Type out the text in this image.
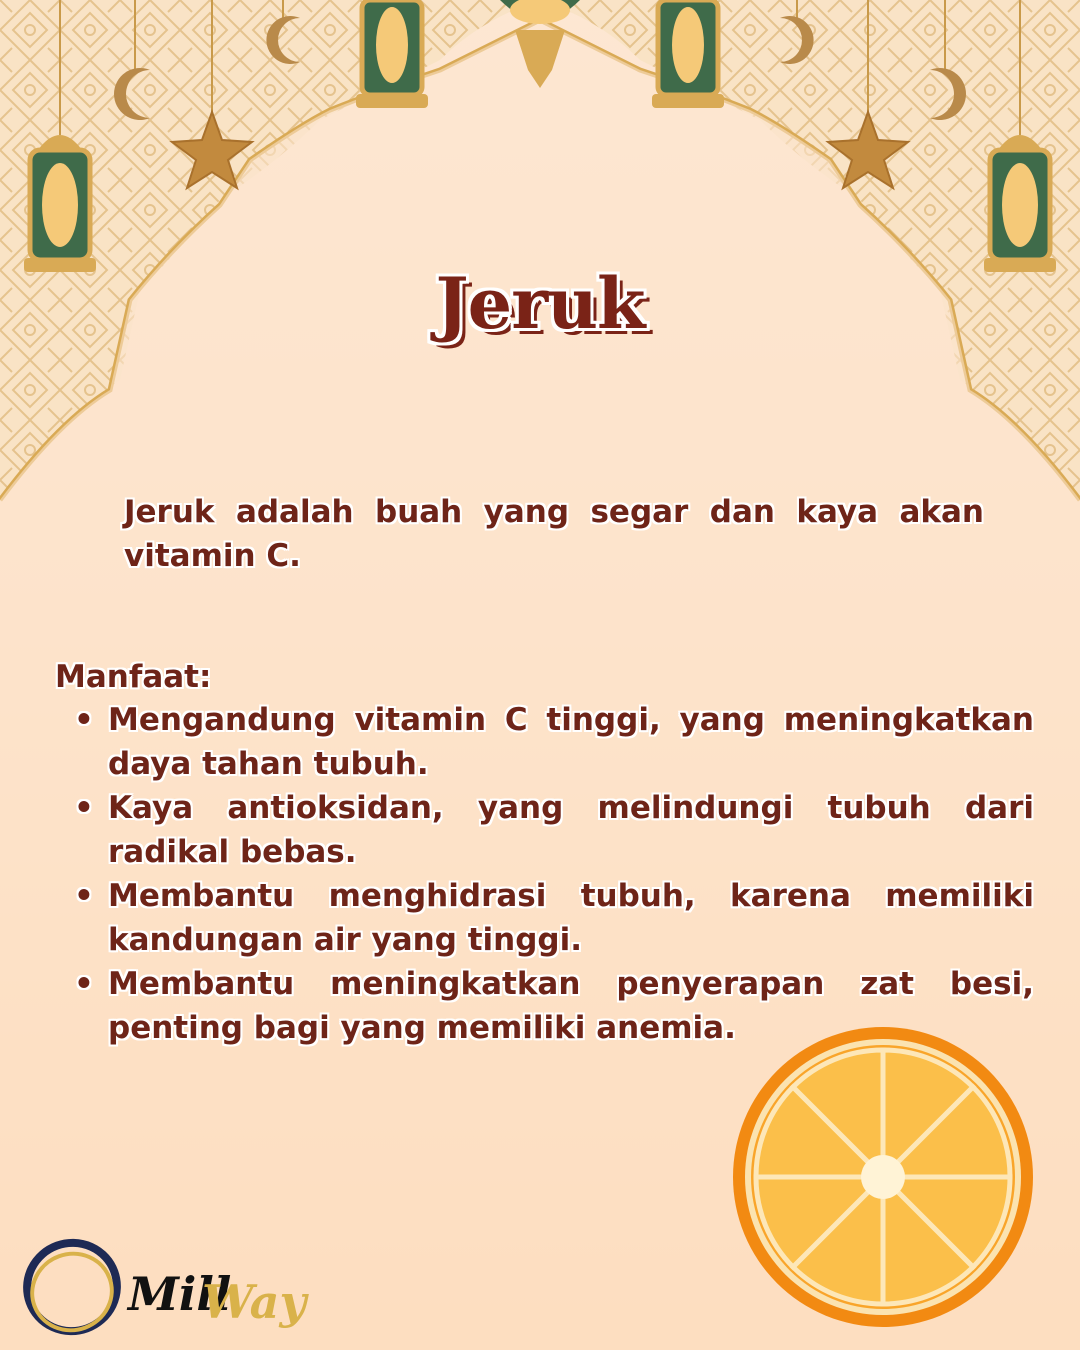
Jeruk
Jeruk adalah buah yang segar dan kaya akan vitamin C.
Manfaat:
• Mengandung vitamin C tinggi, yang meningkatkan daya tahan tubuh.
• Kaya antioksidan, yang melindungi tubuh dari radikal bebas.
• Membantu menghidrasi tubuh, karena memiliki kandungan air yang tinggi.
• Membantu meningkatkan penyerapan zat besi, penting bagi yang memiliki anemia.
Mill
Way
